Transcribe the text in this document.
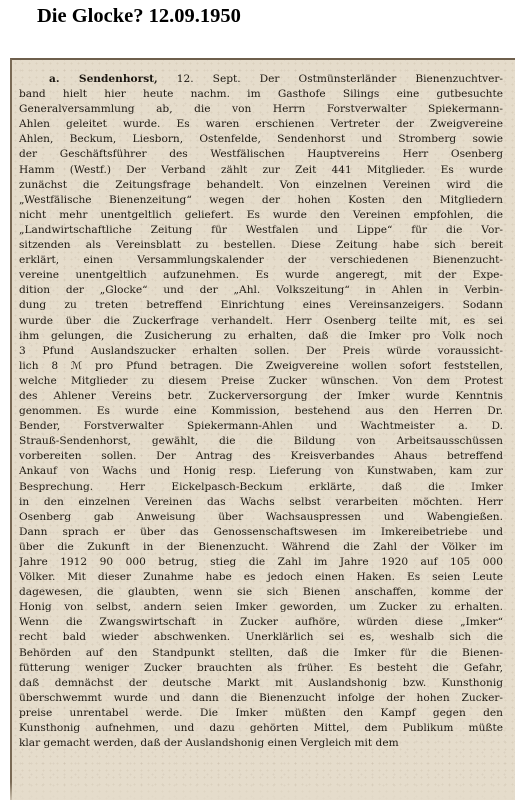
Die Glocke? 12.09.1950
a. Sendenhorst, 12. Sept. Der Ostmünsterländer Bienenzuchtver-
band hielt hier heute nachm. im Gasthofe Silings eine gutbesuchte
Generalversammlung ab, die von Herrn Forstverwalter Spiekermann-
Ahlen geleitet wurde. Es waren erschienen Vertreter der Zweigvereine
Ahlen, Beckum, Liesborn, Ostenfelde, Sendenhorst und Stromberg sowie
der Geschäftsführer des Westfälischen Hauptvereins Herr Osenberg
Hamm (Westf.) Der Verband zählt zur Zeit 441 Mitglieder. Es wurde
zunächst die Zeitungsfrage behandelt. Von einzelnen Vereinen wird die
„Westfälische Bienenzeitung“ wegen der hohen Kosten den Mitgliedern
nicht mehr unentgeltlich geliefert. Es wurde den Vereinen empfohlen, die
„Landwirtschaftliche Zeitung für Westfalen und Lippe“ für die Vor-
sitzenden als Vereinsblatt zu bestellen. Diese Zeitung habe sich bereit
erklärt, einen Versammlungskalender der verschiedenen Bienenzucht-
vereine unentgeltlich aufzunehmen. Es wurde angeregt, mit der Expe-
dition der „Glocke“ und der „Ahl. Volkszeitung“ in Ahlen in Verbin-
dung zu treten betreffend Einrichtung eines Vereinsanzeigers. Sodann
wurde über die Zuckerfrage verhandelt. Herr Osenberg teilte mit, es sei
ihm gelungen, die Zusicherung zu erhalten, daß die Imker pro Volk noch
3 Pfund Auslandszucker erhalten sollen. Der Preis würde voraussicht-
lich 8 ℳ pro Pfund betragen. Die Zweigvereine wollen sofort feststellen,
welche Mitglieder zu diesem Preise Zucker wünschen. Von dem Protest
des Ahlener Vereins betr. Zuckerversorgung der Imker wurde Kenntnis
genommen. Es wurde eine Kommission, bestehend aus den Herren Dr.
Bender, Forstverwalter Spiekermann-Ahlen und Wachtmeister a. D.
Strauß-Sendenhorst, gewählt, die die Bildung von Arbeitsausschüssen
vorbereiten sollen. Der Antrag des Kreisverbandes Ahaus betreffend
Ankauf von Wachs und Honig resp. Lieferung von Kunstwaben, kam zur
Besprechung. Herr Eickelpasch-Beckum erklärte, daß die Imker
in den einzelnen Vereinen das Wachs selbst verarbeiten möchten. Herr
Osenberg gab Anweisung über Wachsauspressen und Wabengießen.
Dann sprach er über das Genossenschaftswesen im Imkereibetriebe und
über die Zukunft in der Bienenzucht. Während die Zahl der Völker im
Jahre 1912 90 000 betrug, stieg die Zahl im Jahre 1920 auf 105 000
Völker. Mit dieser Zunahme habe es jedoch einen Haken. Es seien Leute
dagewesen, die glaubten, wenn sie sich Bienen anschaffen, komme der
Honig von selbst, andern seien Imker geworden, um Zucker zu erhalten.
Wenn die Zwangswirtschaft in Zucker aufhöre, würden diese „Imker“
recht bald wieder abschwenken. Unerklärlich sei es, weshalb sich die
Behörden auf den Standpunkt stellten, daß die Imker für die Bienen-
fütterung weniger Zucker brauchten als früher. Es besteht die Gefahr,
daß demnächst der deutsche Markt mit Auslandshonig bzw. Kunsthonig
überschwemmt wurde und dann die Bienenzucht infolge der hohen Zucker-
preise unrentabel werde. Die Imker müßten den Kampf gegen den
Kunsthonig aufnehmen, und dazu gehörten Mittel, dem Publikum müßte
klar gemacht werden, daß der Auslandshonig einen Vergleich mit dem
